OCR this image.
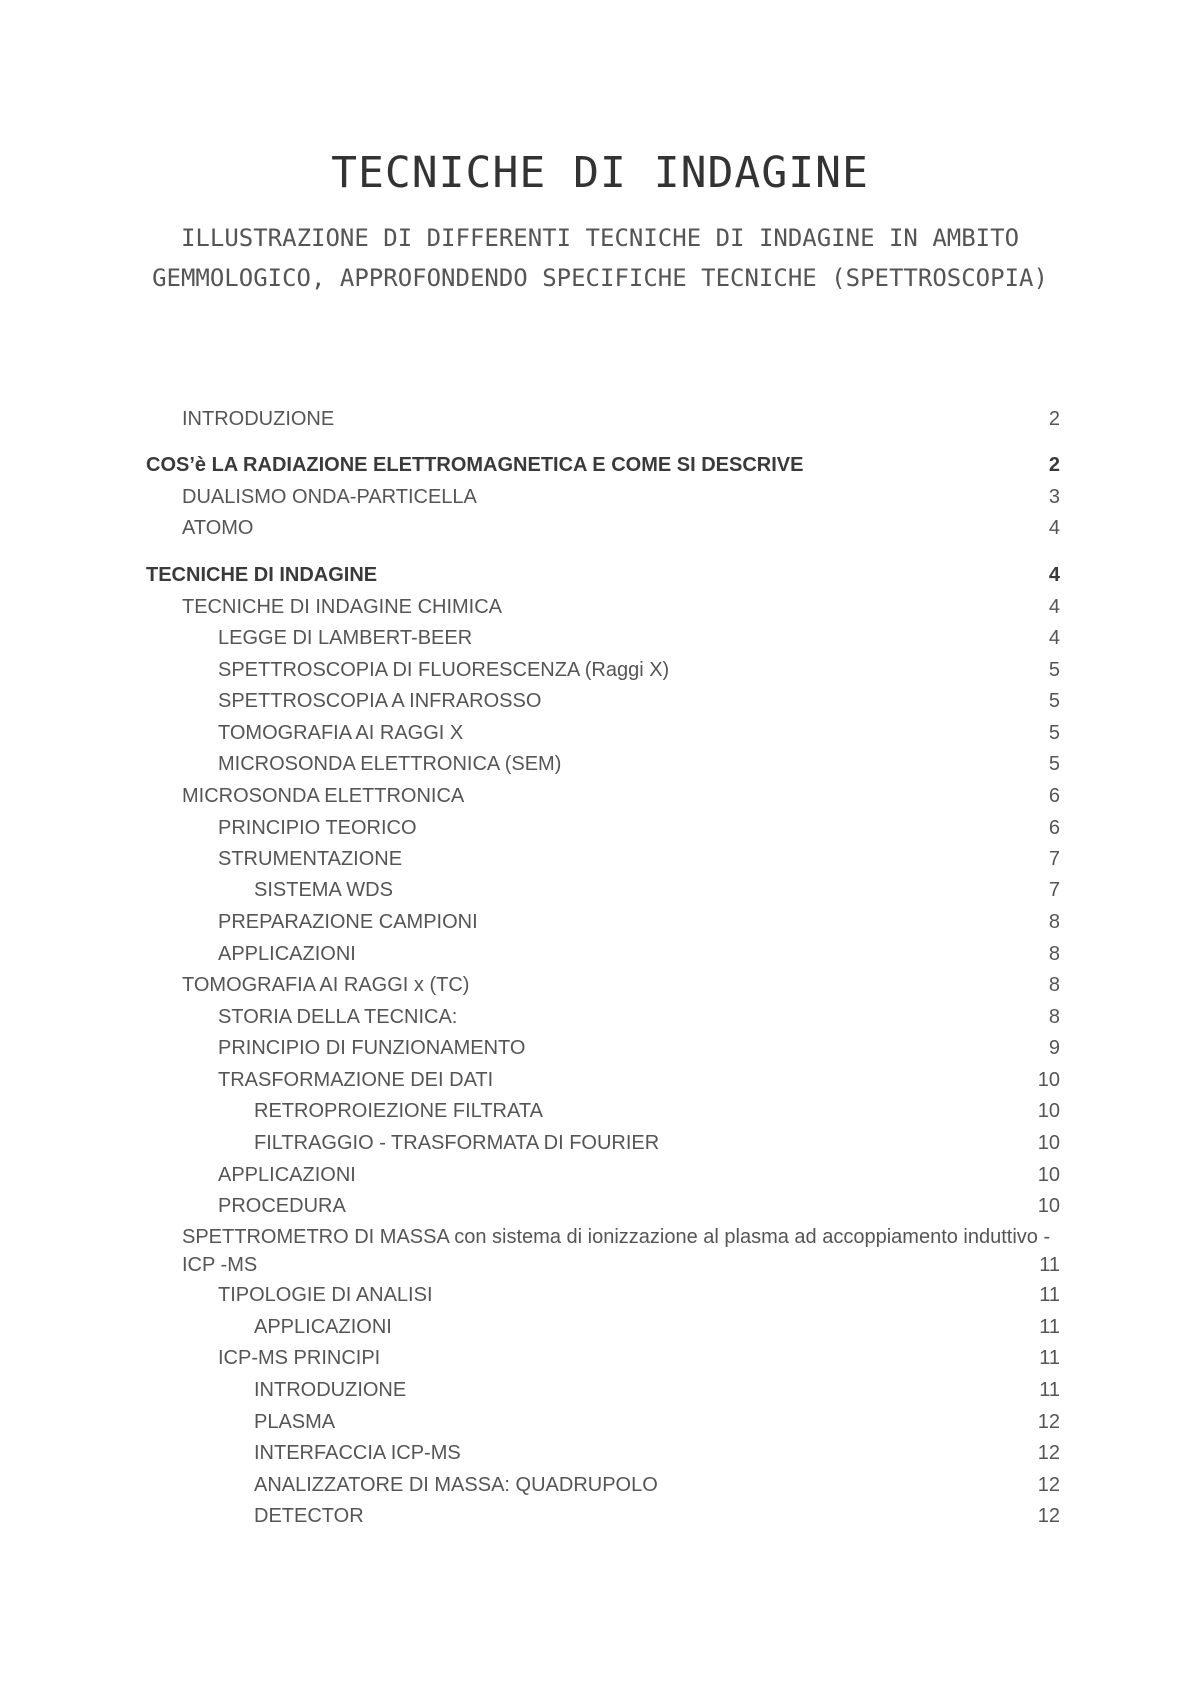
TECNICHE DI INDAGINE

ILLUSTRAZIONE DI DIFFERENTI TECNICHE DI INDAGINE IN AMBITO GEMMOLOGICO, APPROFONDENDO SPECIFICHE TECNICHE (SPETTROSCOPIA)

INTRODUZIONE	2
COS’è LA RADIAZIONE ELETTROMAGNETICA E COME SI DESCRIVE	2
DUALISMO ONDA-PARTICELLA	3
ATOMO	4
TECNICHE DI INDAGINE	4
TECNICHE DI INDAGINE CHIMICA	4
LEGGE DI LAMBERT-BEER	4
SPETTROSCOPIA DI FLUORESCENZA (Raggi X)	5
SPETTROSCOPIA A INFRAROSSO	5
TOMOGRAFIA AI RAGGI X	5
MICROSONDA ELETTRONICA (SEM)	5
MICROSONDA ELETTRONICA	6
PRINCIPIO TEORICO	6
STRUMENTAZIONE	7
SISTEMA WDS	7
PREPARAZIONE CAMPIONI	8
APPLICAZIONI	8
TOMOGRAFIA AI RAGGI x (TC)	8
STORIA DELLA TECNICA:	8
PRINCIPIO DI FUNZIONAMENTO	9
TRASFORMAZIONE DEI DATI	10
RETROPROIEZIONE FILTRATA	10
FILTRAGGIO - TRASFORMATA DI FOURIER	10
APPLICAZIONI	10
PROCEDURA	10
SPETTROMETRO DI MASSA con sistema di ionizzazione al plasma ad accoppiamento induttivo -ICP -MS	11
TIPOLOGIE DI ANALISI	11
APPLICAZIONI	11
ICP-MS PRINCIPI	11
INTRODUZIONE	11
PLASMA	12
INTERFACCIA ICP-MS	12
ANALIZZATORE DI MASSA: QUADRUPOLO	12
DETECTOR	12
